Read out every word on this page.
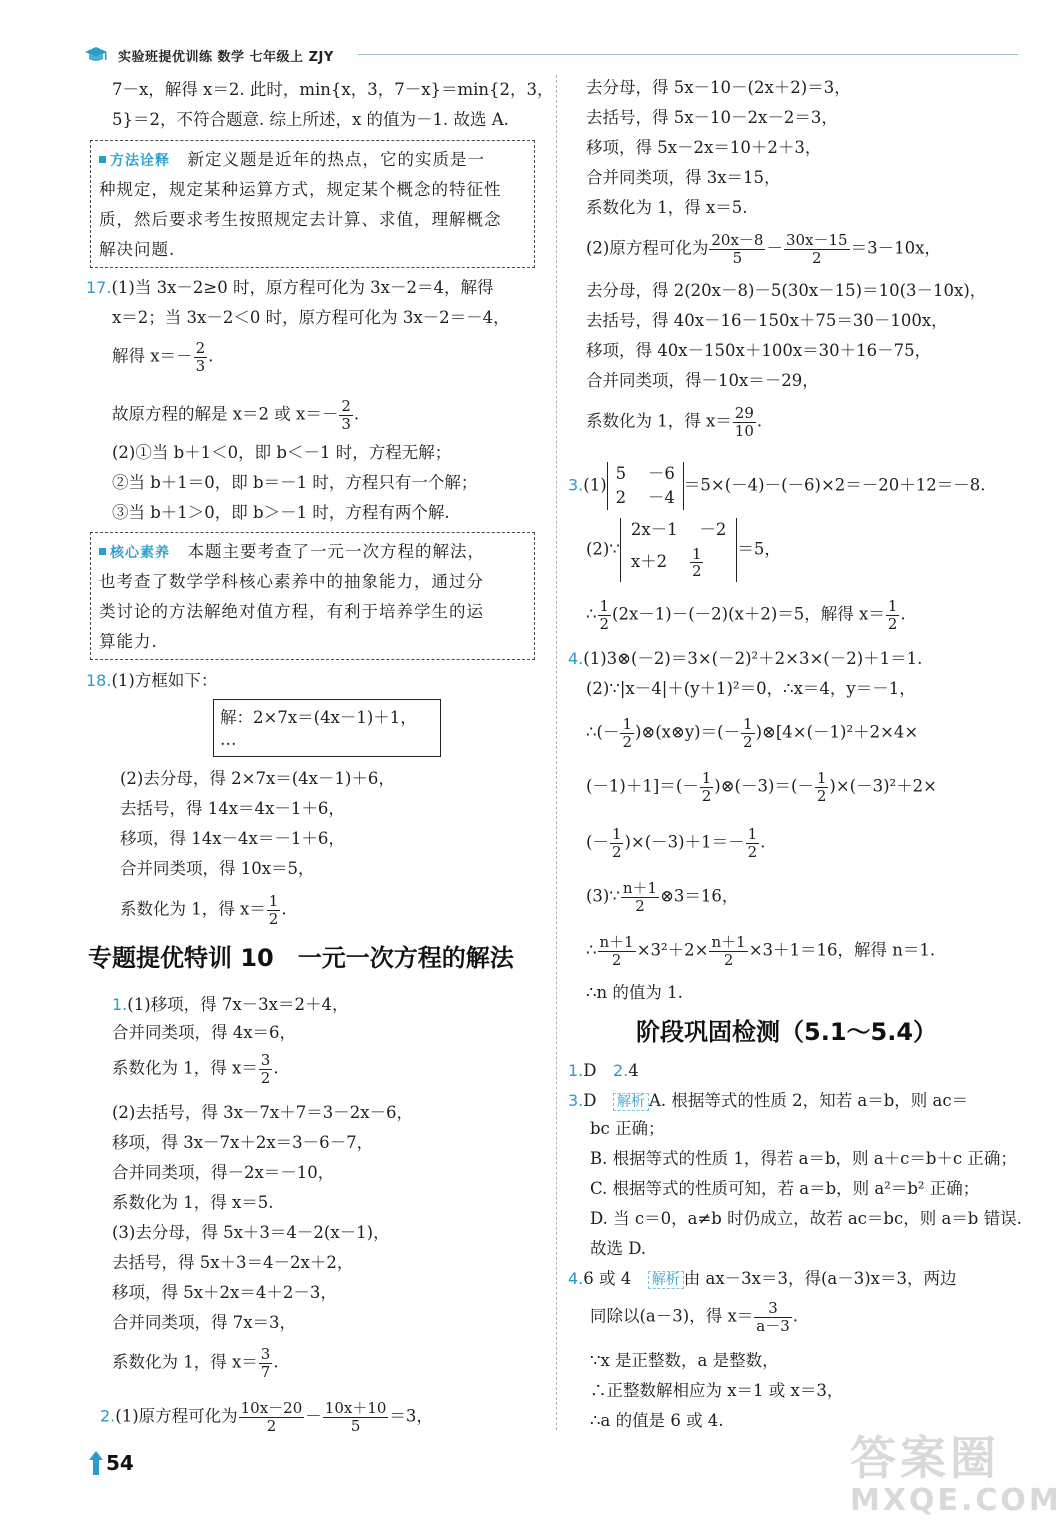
实验班提优训练 数学 七年级上 ZJY
7－x，解得 x＝2. 此时，min{x，3，7－x}＝min{2，3，
5}＝2，不符合题意. 综上所述，x 的值为－1. 故选 A.
方法诠释　 新定义题是近年的热点，它的实质是一
种规定，规定某种运算方式，规定某个概念的特征性
质，然后要求考生按照规定去计算、求值，理解概念
解决问题.
17.(1)当 3x－2≥0 时，原方程可化为 3x－2＝4，解得
x＝2；当 3x－2＜0 时，原方程可化为 3x－2＝－4，
解得 $x=- \frac{2}{3}$ .
故原方程的解是 x＝2 或 $x=- \frac{2}{3}$ .
(2)①当 b＋1＜0，即 b＜－1 时，方程无解；
②当 b＋1＝0，即 b＝－1 时，方程只有一个解；
③当 b＋1＞0，即 b＞－1 时，方程有两个解.
核心素养　 本题主要考查了一元一次方程的解法，
也考查了数学学科核心素养中的抽象能力，通过分
类讨论的方法解绝对值方程，有利于培养学生的运
算能力.
18.(1)方框如下：
解：2×7x＝(4x－1)＋1，
…
(2)去分母，得 2×7x＝(4x－1)＋6，
去括号，得 14x＝4x－1＋6，
移项，得 14x－4x＝－1＋6，
合并同类项，得 10x＝5，
系数化为 1，得 $x= \frac{1}{2}$ .
1.(1)移项，得 7x－3x＝2＋4，
合并同类项，得 4x＝6，
系数化为 1，得 $x= \frac{3}{2}$ .
(2)去括号，得 3x－7x＋7＝3－2x－6，
移项，得 3x－7x＋2x＝3－6－7，
合并同类项，得－2x＝－10，
系数化为 1，得 x＝5.
(3)去分母，得 5x＋3＝4－2(x－1)，
去括号，得 5x＋3＝4－2x＋2，
移项，得 5x＋2x＝4＋2－3，
合并同类项，得 7x＝3，
系数化为 1，得 $x= \frac{3}{7}$ .
2.(1)原方程可化为 $\frac{10x-20}{2} - \frac{10x+10}{5} =3$，
专题提优特训 10　一元一次方程的解法
去分母，得 5x－10－(2x＋2)＝3，
去括号，得 5x－10－2x－2＝3，
移项，得 5x－2x＝10＋2＋3，
合并同类项，得 3x＝15，
系数化为 1，得 x＝5.
(2)原方程可化为 $\frac{20x-8}{5} - \frac{30x-15}{2} =3-10x$，
去分母，得 2(20x－8)－5(30x－15)＝10(3－10x)，
去括号，得 40x－16－150x＋75＝30－100x，
移项，得 40x－150x＋100x＝30＋16－75，
合并同类项，得－10x＝－29，
系数化为 1，得 $x= \frac{29}{10}$ .
3.(1)
5　 －6
2　 －4
＝5×(－4)－(－6)×2＝－20＋12＝－8.
(2)∵
2x－1　 －2
x＋2　 $\frac{1}{2} =5$，
∴ $\frac{1}{2} (2x-1)-(-2)(x+2)=5$，解得 $x= \frac{1}{2}$ .
4.(1)3⊗(－2)＝3×(－2)²＋2×3×(－2)＋1＝1.
(2)∵|x－4|＋(y＋1)²＝0，∴x＝4，y＝－1，
∴(－ $\frac{1}{2}$ )⊗(x⊗y)＝(－ $\frac{1}{2}$ )⊗[4×(－1)²＋2×4×
$(-1)+1]=(- \frac{1}{2}$ )⊗(－3)＝(－ $\frac{1}{2} )\times(-3)^2+2\times$
(－ $\frac{1}{2} )\times(-3)+1=- \frac{1}{2}$ .
(3)∵ $\frac{n+1}{2}$ ⊗3＝16，
∴ $\frac{n+1}{2} \times 3^2+2\times \frac{n+1}{2} \times 3+1=16$，解得 n＝1.
∴n 的值为 1.
1.D　 2.4
3.D　 解析 A. 根据等式的性质 2，知若 a＝b，则 ac＝
bc 正确；
B. 根据等式的性质 1，得若 a＝b，则 a＋c＝b＋c 正确；
C. 根据等式的性质可知，若 a＝b，则 a²＝b² 正确；
D. 当 c＝0，a≠b 时仍成立，故若 ac＝bc，则 a＝b 错误.
故选 D.
4.6 或 4　 解析 由 ax－3x＝3，得(a－3)x＝3，两边
同除以(a－3)，得 $x= \frac{3}{a-3}$ .
∵x 是正整数，a 是整数，
∴正整数解相应为 x＝1 或 x＝3，
∴a 的值是 6 或 4.
阶段巩固检测（5.1～5.4）
54	答案圈
MXQE.COM
